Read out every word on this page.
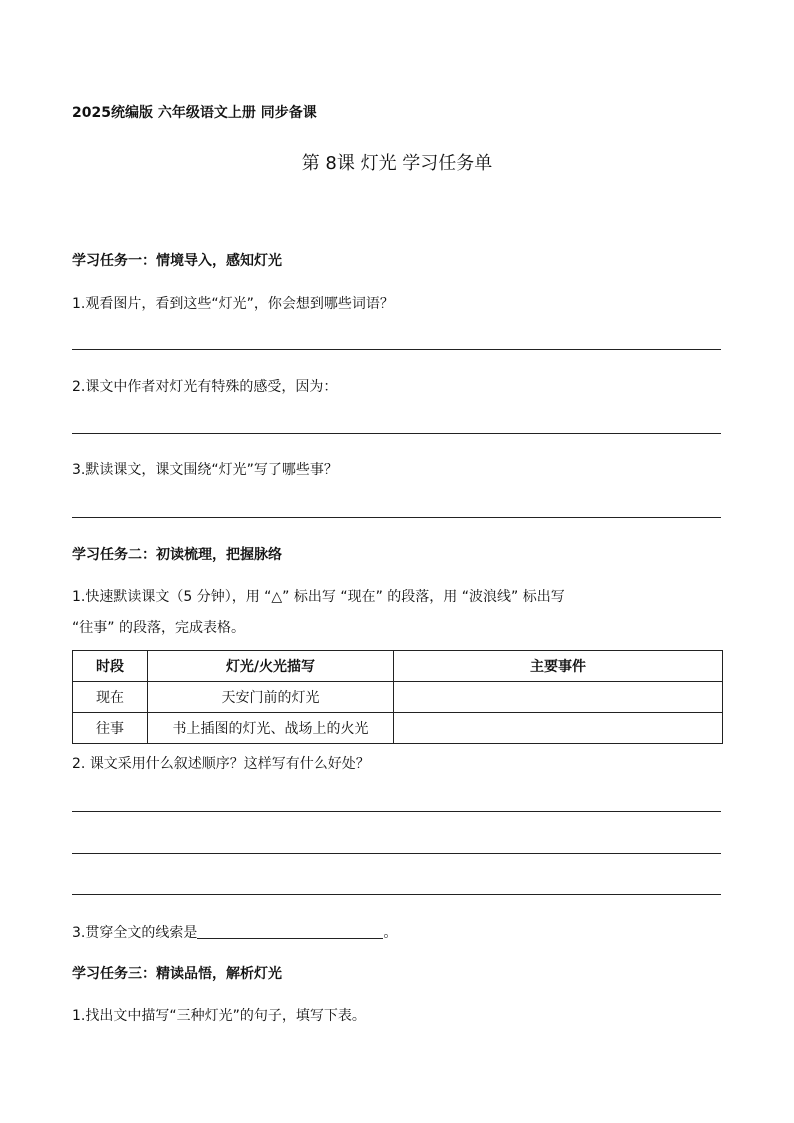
2025统编版 六年级语文上册 同步备课
第 8课 灯光 学习任务单
学习任务一：情境导入，感知灯光
1.观看图片，看到这些“灯光”，你会想到哪些词语？
2.课文中作者对灯光有特殊的感受，因为：
3.默读课文，课文围绕“灯光”写了哪些事？
学习任务二：初读梳理，把握脉络
1.快速默读课文（5 分钟），用 “△” 标出写 “现在” 的段落，用 “波浪线” 标出写
“往事” 的段落，完成表格。
时段	灯光/火光描写	主要事件
现在	天安门前的灯光	
往事	书上插图的灯光、战场上的火光	
2. 课文采用什么叙述顺序？这样写有什么好处？
3.贯穿全文的线索是	。
学习任务三：精读品悟，解析灯光
1.找出文中描写“三种灯光”的句子，填写下表。
